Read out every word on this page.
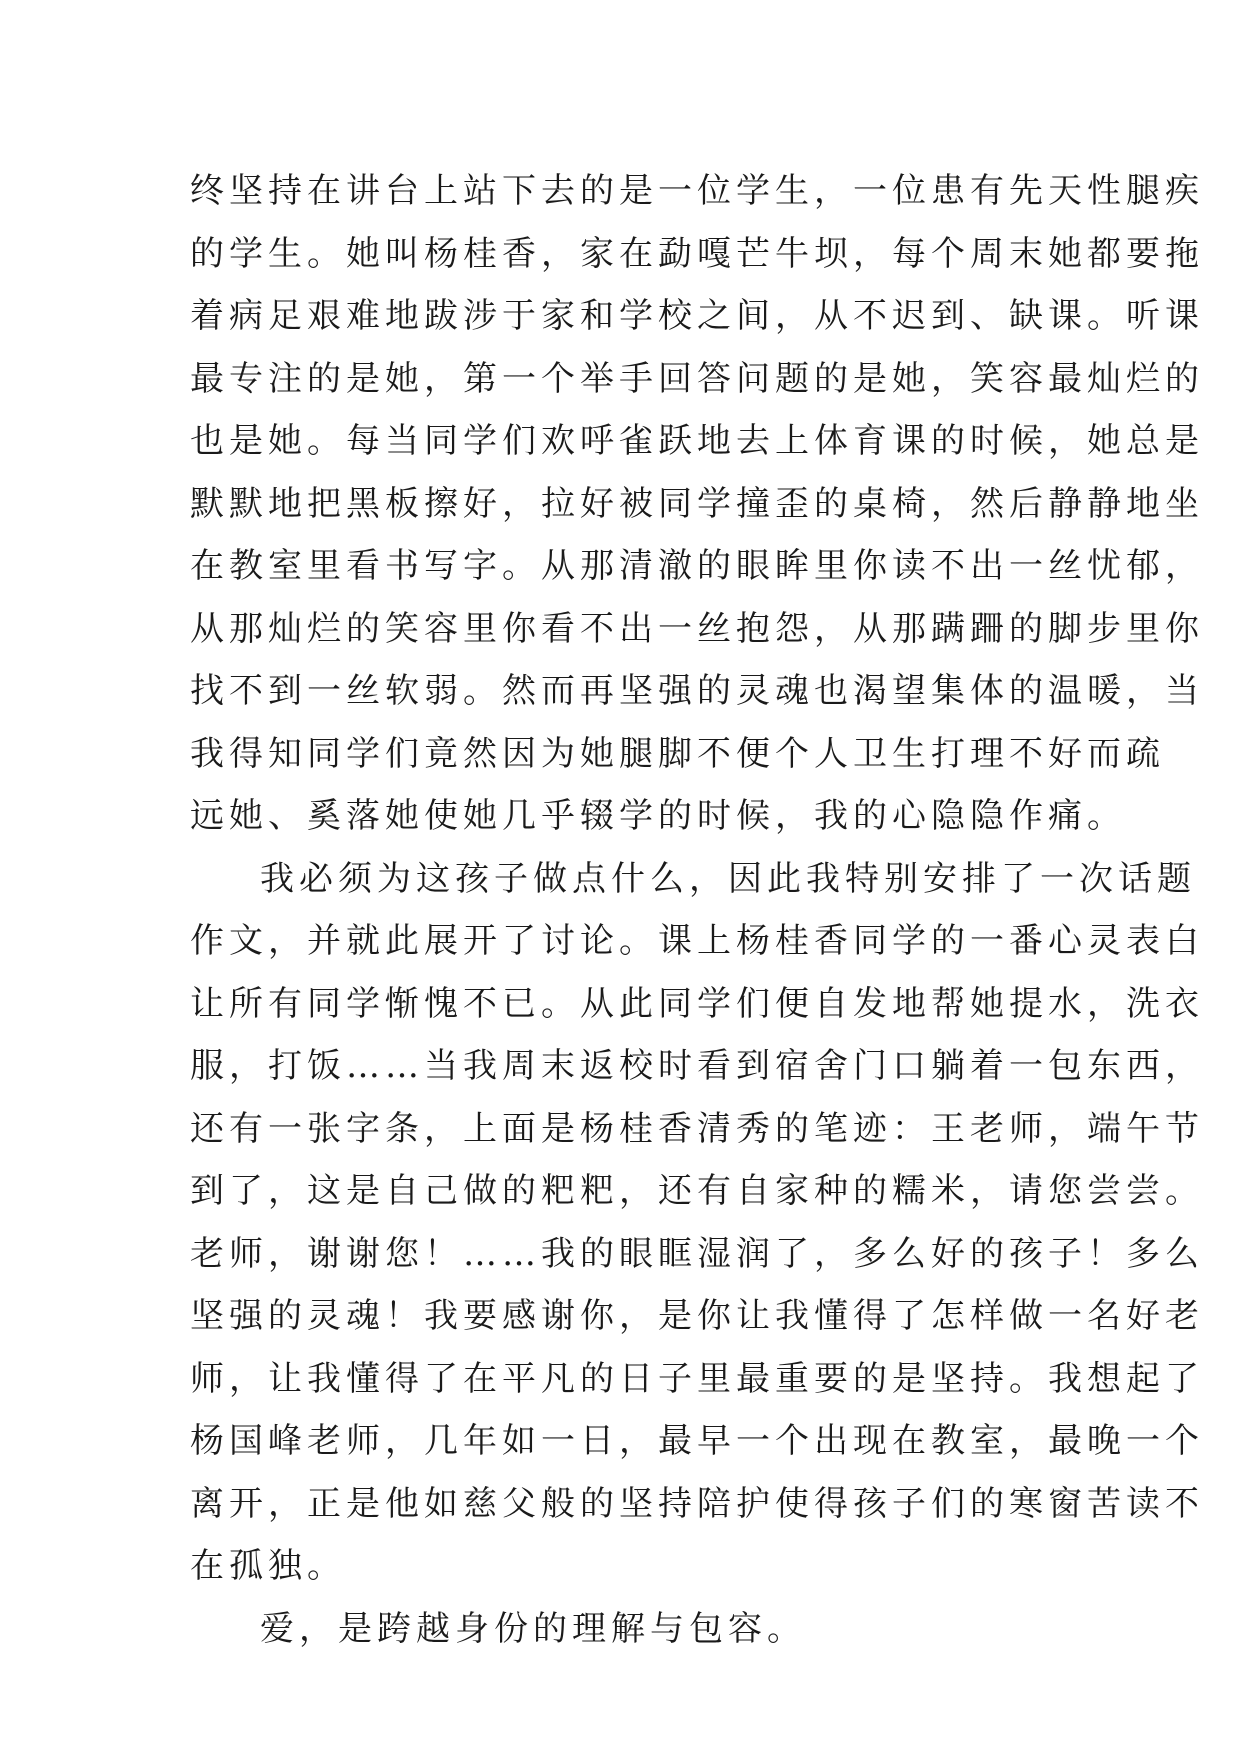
终坚持在讲台上站下去的是一位学生，一位患有先天性腿疾
的学生。她叫杨桂香，家在勐嘎芒牛坝，每个周末她都要拖
着病足艰难地跋涉于家和学校之间，从不迟到、缺课。听课
最专注的是她，第一个举手回答问题的是她，笑容最灿烂的
也是她。每当同学们欢呼雀跃地去上体育课的时候，她总是
默默地把黑板擦好，拉好被同学撞歪的桌椅，然后静静地坐
在教室里看书写字。从那清澈的眼眸里你读不出一丝忧郁，
从那灿烂的笑容里你看不出一丝抱怨，从那蹒跚的脚步里你
找不到一丝软弱。然而再坚强的灵魂也渴望集体的温暖，当
我得知同学们竟然因为她腿脚不便个人卫生打理不好而疏
远她、奚落她使她几乎辍学的时候，我的心隐隐作痛。
我必须为这孩子做点什么，因此我特别安排了一次话题
作文，并就此展开了讨论。课上杨桂香同学的一番心灵表白
让所有同学惭愧不已。从此同学们便自发地帮她提水，洗衣
服，打饭……当我周末返校时看到宿舍门口躺着一包东西，
还有一张字条，上面是杨桂香清秀的笔迹：王老师，端午节
到了，这是自己做的粑粑，还有自家种的糯米，请您尝尝。
老师，谢谢您！……我的眼眶湿润了，多么好的孩子！多么
坚强的灵魂！我要感谢你，是你让我懂得了怎样做一名好老
师，让我懂得了在平凡的日子里最重要的是坚持。我想起了
杨国峰老师，几年如一日，最早一个出现在教室，最晚一个
离开，正是他如慈父般的坚持陪护使得孩子们的寒窗苦读不
在孤独。
爱，是跨越身份的理解与包容。
